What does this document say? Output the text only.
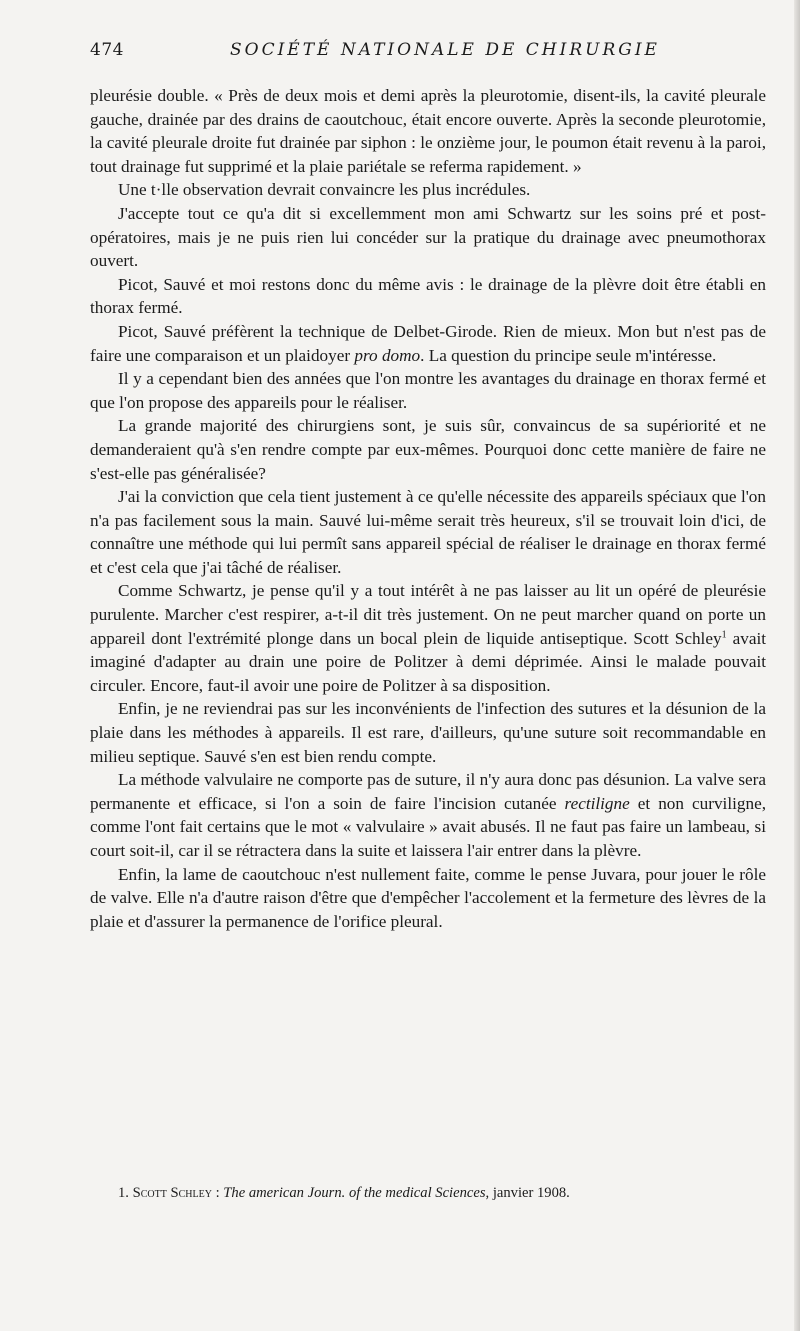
474	SOCIÉTÉ NATIONALE DE CHIRURGIE

pleurésie double. « Près de deux mois et demi après la pleurotomie, disent-ils, la cavité pleurale gauche, drainée par des drains de caoutchouc, était encore ouverte. Après la seconde pleurotomie, la cavité pleurale droite fut drainée par siphon : le onzième jour, le poumon était revenu à la paroi, tout drainage fut supprimé et la plaie pariétale se referma rapidement. »

Une t·lle observation devrait convaincre les plus incrédules.

J'accepte tout ce qu'a dit si excellemment mon ami Schwartz sur les soins pré et post-opératoires, mais je ne puis rien lui concéder sur la pratique du drainage avec pneumothorax ouvert.

Picot, Sauvé et moi restons donc du même avis : le drainage de la plèvre doit être établi en thorax fermé.

Picot, Sauvé préfèrent la technique de Delbet-Girode. Rien de mieux. Mon but n'est pas de faire une comparaison et un plaidoyer pro domo. La question du principe seule m'intéresse.

Il y a cependant bien des années que l'on montre les avantages du drainage en thorax fermé et que l'on propose des appareils pour le réaliser.

La grande majorité des chirurgiens sont, je suis sûr, convaincus de sa supériorité et ne demanderaient qu'à s'en rendre compte par eux-mêmes. Pourquoi donc cette manière de faire ne s'est-elle pas généralisée?

J'ai la conviction que cela tient justement à ce qu'elle nécessite des appareils spéciaux que l'on n'a pas facilement sous la main. Sauvé lui-même serait très heureux, s'il se trouvait loin d'ici, de connaître une méthode qui lui permît sans appareil spécial de réaliser le drainage en thorax fermé et c'est cela que j'ai tâché de réaliser.

Comme Schwartz, je pense qu'il y a tout intérêt à ne pas laisser au lit un opéré de pleurésie purulente. Marcher c'est respirer, a-t-il dit très justement. On ne peut marcher quand on porte un appareil dont l'extrémité plonge dans un bocal plein de liquide antiseptique. Scott Schley$^1$ avait imaginé d'adapter au drain une poire de Politzer à demi déprimée. Ainsi le malade pouvait circuler. Encore, faut-il avoir une poire de Politzer à sa disposition.

Enfin, je ne reviendrai pas sur les inconvénients de l'infection des sutures et la désunion de la plaie dans les méthodes à appareils. Il est rare, d'ailleurs, qu'une suture soit recommandable en milieu septique. Sauvé s'en est bien rendu compte.

La méthode valvulaire ne comporte pas de suture, il n'y aura donc pas désunion. La valve sera permanente et efficace, si l'on a soin de faire l'incision cutanée rectiligne et non curviligne, comme l'ont fait certains que le mot « valvulaire » avait abusés. Il ne faut pas faire un lambeau, si court soit-il, car il se rétractera dans la suite et laissera l'air entrer dans la plèvre.

Enfin, la lame de caoutchouc n'est nullement faite, comme le pense Juvara, pour jouer le rôle de valve. Elle n'a d'autre raison d'être que d'empêcher l'accolement et la fermeture des lèvres de la plaie et d'assurer la permanence de l'orifice pleural.

1. Scott Schley : The american Journ. of the medical Sciences, janvier 1908.
